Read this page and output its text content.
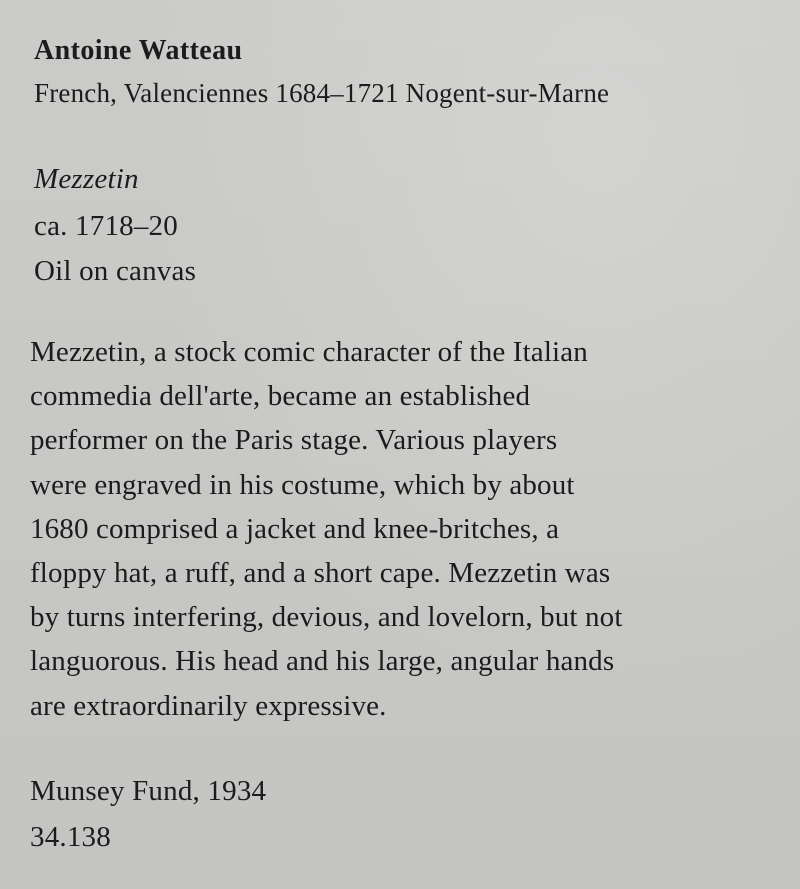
Antoine Watteau
French, Valenciennes 1684–1721 Nogent-sur-Marne
Mezzetin
ca. 1718–20
Oil on canvas
Mezzetin, a stock comic character of the Italian
commedia dell'arte, became an established
performer on the Paris stage. Various players
were engraved in his costume, which by about
1680 comprised a jacket and knee-britches, a
floppy hat, a ruff, and a short cape. Mezzetin was
by turns interfering, devious, and lovelorn, but not
languorous. His head and his large, angular hands
are extraordinarily expressive.
Munsey Fund, 1934
34.138
